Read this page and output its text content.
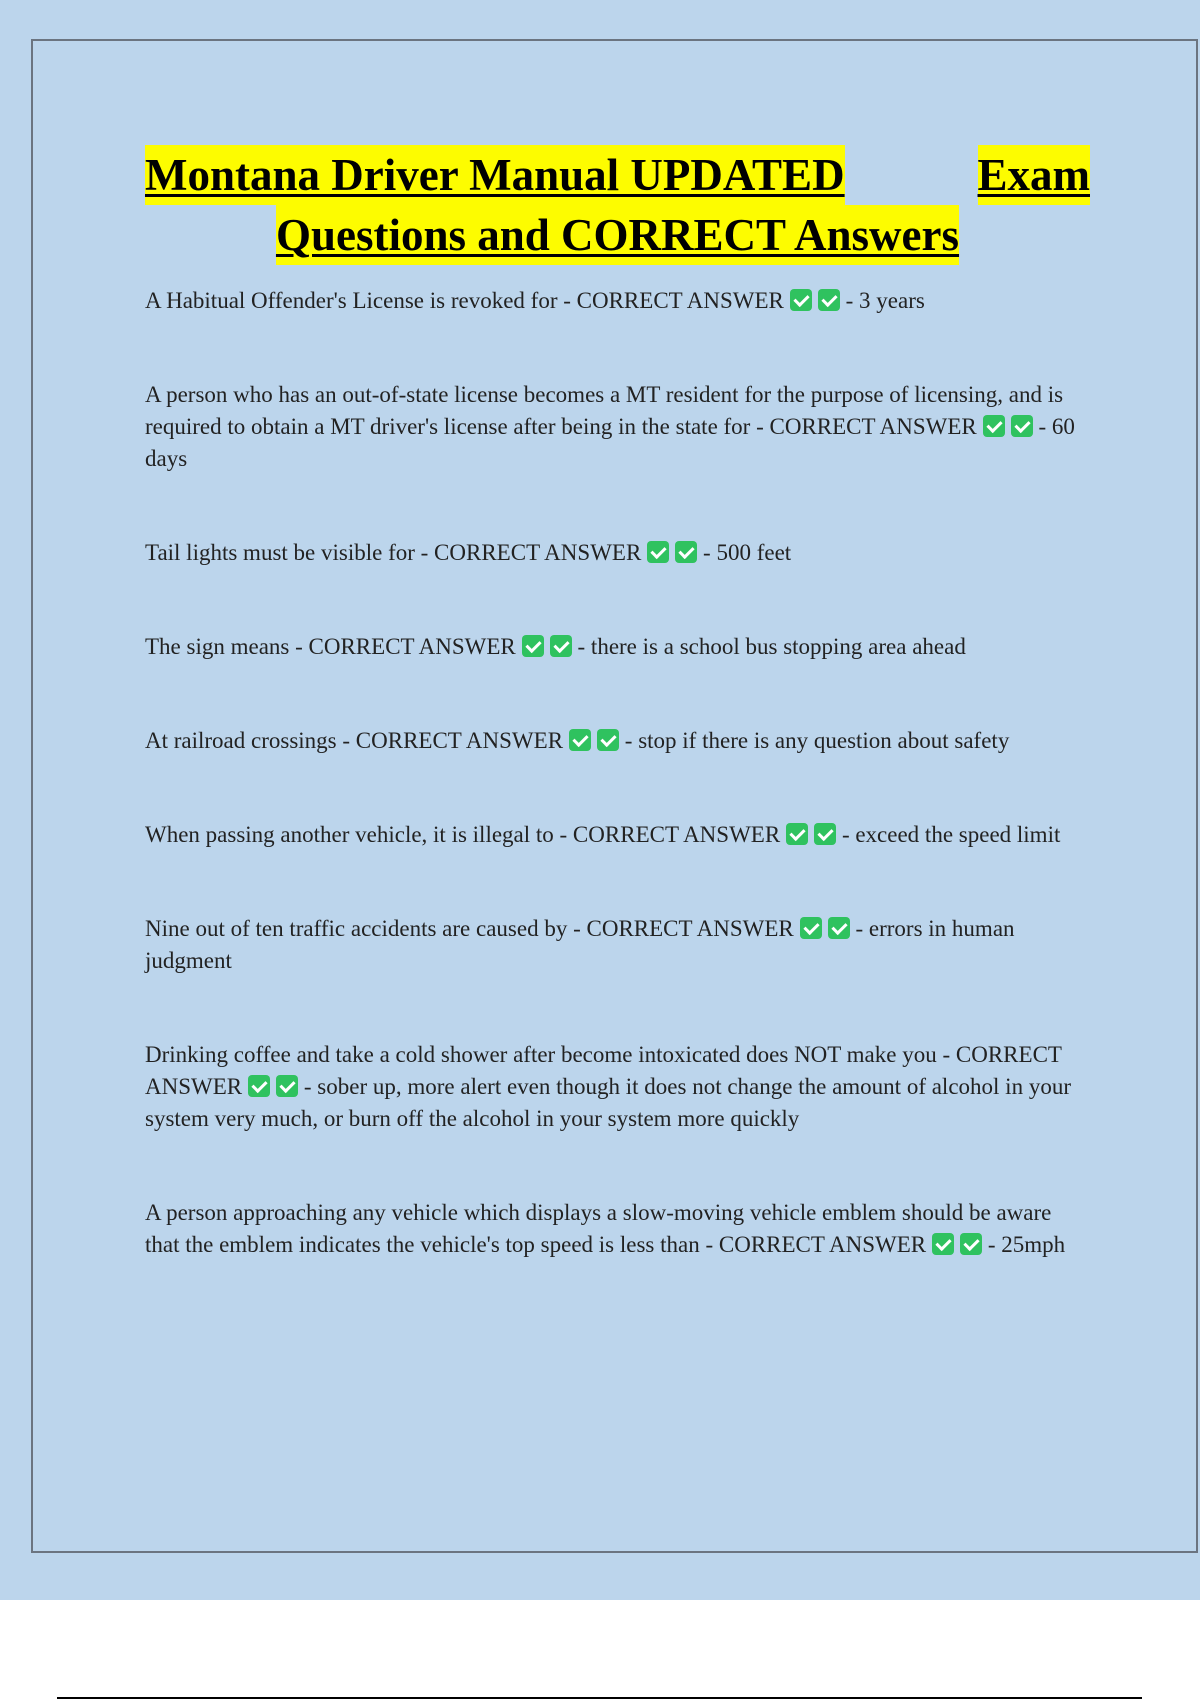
Montana Driver Manual UPDATED	Exam
Questions and CORRECT Answers

A Habitual Offender's License is revoked for - CORRECT ANSWER	- 3 years

A person who has an out-of-state license becomes a MT resident for the purpose of licensing, and is required to obtain a MT driver's license after being in the state for - CORRECT ANSWER	- 60 days

Tail lights must be visible for - CORRECT ANSWER	- 500 feet

The sign means - CORRECT ANSWER	- there is a school bus stopping area ahead

At railroad crossings - CORRECT ANSWER	- stop if there is any question about safety

When passing another vehicle, it is illegal to - CORRECT ANSWER	- exceed the speed limit

Nine out of ten traffic accidents are caused by - CORRECT ANSWER	- errors in human judgment

Drinking coffee and take a cold shower after become intoxicated does NOT make you - CORRECT ANSWER	- sober up, more alert even though it does not change the amount of alcohol in your system very much, or burn off the alcohol in your system more quickly

A person approaching any vehicle which displays a slow-moving vehicle emblem should be aware that the emblem indicates the vehicle's top speed is less than - CORRECT ANSWER	- 25mph
